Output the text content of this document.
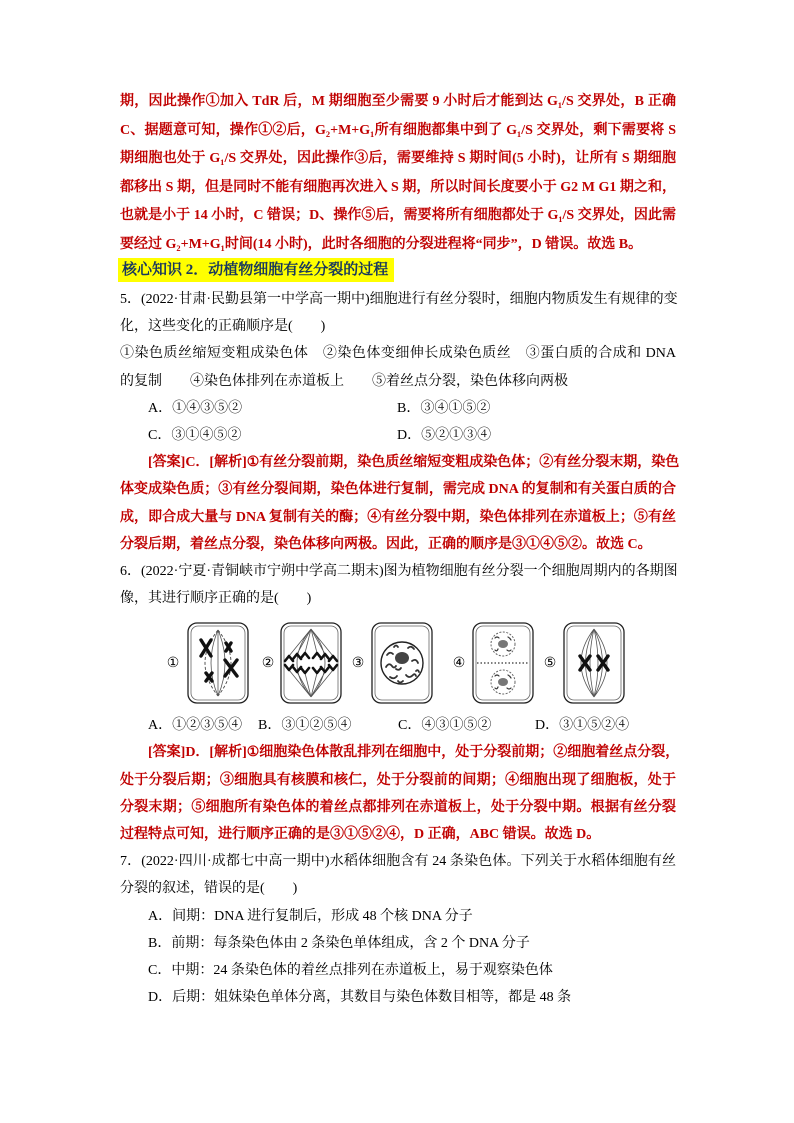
期，因此操作①加入 TdR 后，M 期细胞至少需要 9 小时后才能到达 G₁/S 交界处，B 正确
C、据题意可知，操作①②后，G₂+M+G₁所有细胞都集中到了 G₁/S 交界处，剩下需要将 S
期细胞也处于 G₁/S 交界处，因此操作③后，需要维持 S 期时间(5 小时)，让所有 S 期细胞
都移出 S 期，但是同时不能有细胞再次进入 S 期，所以时间长度要小于 G2 M G1 期之和，
也就是小于 14 小时，C 错误；D、操作⑤后，需要将所有细胞都处于 G₁/S 交界处，因此需
要经过 G₂+M+G₁时间(14 小时)，此时各细胞的分裂进程将“同步”，D 错误。故选 B。
核心知识 2．动植物细胞有丝分裂的过程
5．(2022·甘肃·民勤县第一中学高一期中)细胞进行有丝分裂时，细胞内物质发生有规律的变
化，这些变化的正确顺序是(　　)
①染色质丝缩短变粗成染色体　②染色体变细伸长成染色质丝　③蛋白质的合成和 DNA
的复制　　④染色体排列在赤道板上　　⑤着丝点分裂，染色体移向两极
A．①④③⑤②	B．③④①⑤②
C．③①④⑤②	D．⑤②①③④
[答案]C．[解析]①有丝分裂前期，染色质丝缩短变粗成染色体；②有丝分裂末期，染色
体变成染色质；③有丝分裂间期，染色体进行复制，需完成 DNA 的复制和有关蛋白质的合
成，即合成大量与 DNA 复制有关的酶；④有丝分裂中期，染色体排列在赤道板上；⑤有丝
分裂后期，着丝点分裂，染色体移向两极。因此，正确的顺序是③①④⑤②。故选 C。
6．(2022·宁夏·青铜峡市宁朔中学高二期末)图为植物细胞有丝分裂一个细胞周期内的各期图
像，其进行顺序正确的是(　　)
①	②	③	④	⑤
A．①②③⑤④ B．③①②⑤④	C．④③①⑤②	D．③①⑤②④
[答案]D．[解析]①细胞染色体散乱排列在细胞中，处于分裂前期；②细胞着丝点分裂，
处于分裂后期；③细胞具有核膜和核仁，处于分裂前的间期；④细胞出现了细胞板，处于
分裂末期；⑤细胞所有染色体的着丝点都排列在赤道板上，处于分裂中期。根据有丝分裂
过程特点可知，进行顺序正确的是③①⑤②④，D 正确，ABC 错误。故选 D。
7．(2022·四川·成都七中高一期中)水稻体细胞含有 24 条染色体。下列关于水稻体细胞有丝
分裂的叙述，错误的是(　　)
A．间期：DNA 进行复制后，形成 48 个核 DNA 分子
B．前期：每条染色体由 2 条染色单体组成，含 2 个 DNA 分子
C．中期：24 条染色体的着丝点排列在赤道板上，易于观察染色体
D．后期：姐妹染色单体分离，其数目与染色体数目相等，都是 48 条
